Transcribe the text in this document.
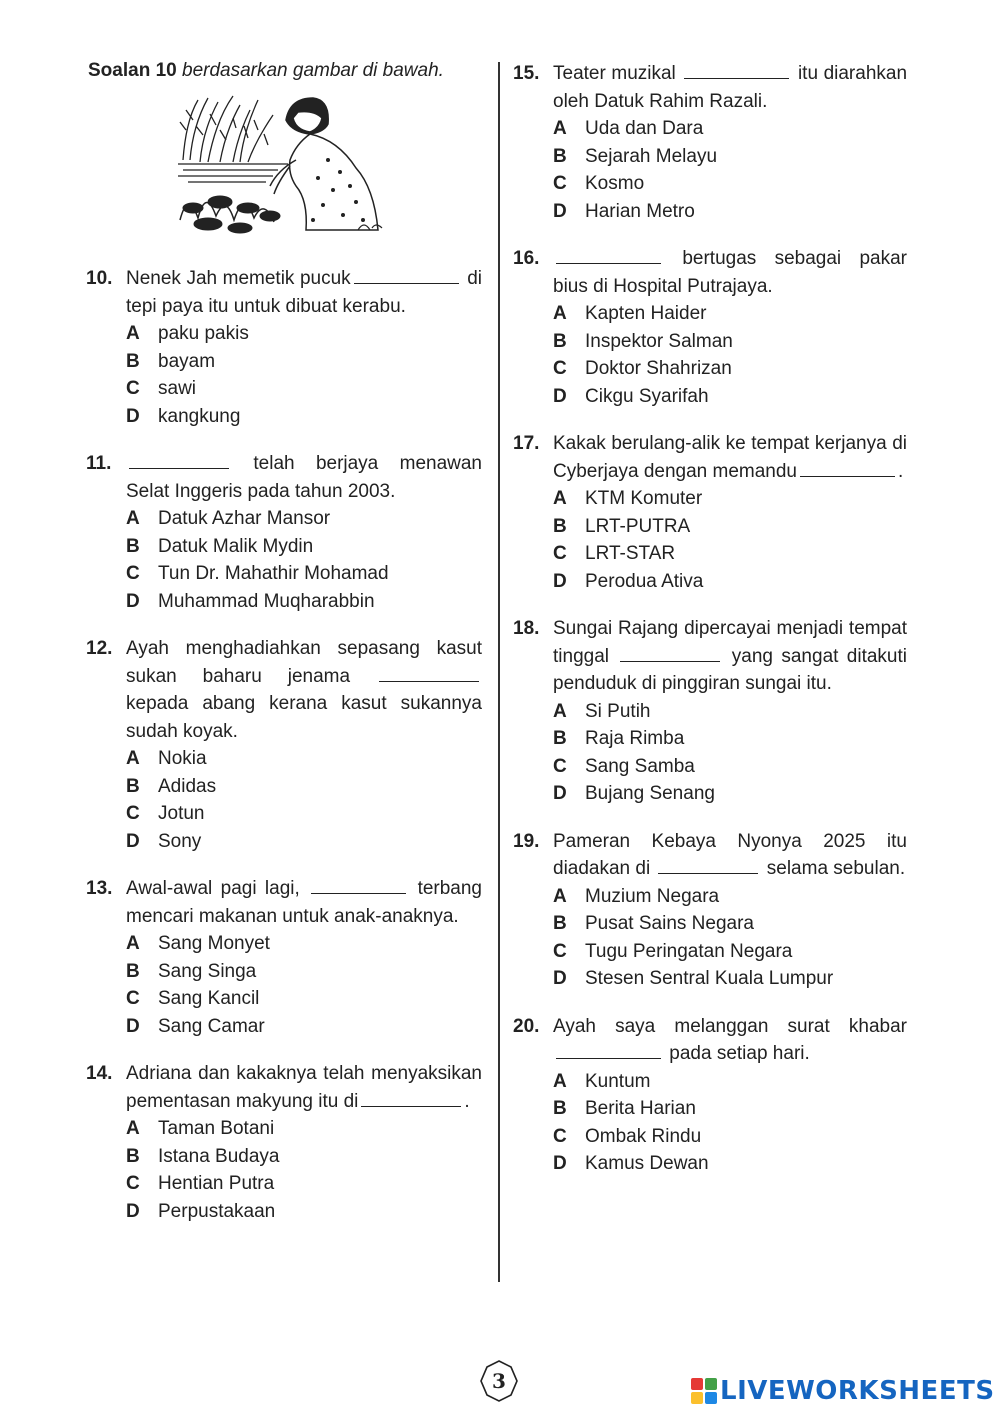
Soalan 10 berdasarkan gambar di bawah.
10. Nenek Jah memetik pucuk	di tepi paya itu untuk dibuat kerabu.
A paku pakis
B bayam
C sawi
D kangkung
11.	telah berjaya menawan Selat Inggeris pada tahun 2003.
A Datuk Azhar Mansor
B Datuk Malik Mydin
C Tun Dr. Mahathir Mohamad
D Muhammad Muqharabbin
12. Ayah menghadiahkan sepasang kasut sukan baharu jenama  kepada abang kerana kasut sukannya sudah koyak.
A Nokia
B Adidas
C Jotun
D Sony
13. Awal-awal pagi lagi,	terbang mencari makanan untuk anak-anaknya.
A Sang Monyet
B Sang Singa
C Sang Kancil
D Sang Camar
14. Adriana dan kakaknya telah menyaksikan pementasan makyung itu di	.
A Taman Botani
B Istana Budaya
C Hentian Putra
D Perpustakaan
15. Teater muzikal	itu diarahkan oleh Datuk Rahim Razali.
A Uda dan Dara
B Sejarah Melayu
C Kosmo
D Harian Metro
16.	bertugas sebagai pakar bius di Hospital Putrajaya.
A Kapten Haider
B Inspektor Salman
C Doktor Shahrizan
D Cikgu Syarifah
17. Kakak berulang-alik ke tempat kerjanya di Cyberjaya dengan memandu	.
A KTM Komuter
B LRT-PUTRA
C LRT-STAR
D Perodua Ativa
18. Sungai Rajang dipercayai menjadi tempat tinggal	yang sangat ditakuti penduduk di pinggiran sungai itu.
A Si Putih
B Raja Rimba
C Sang Samba
D Bujang Senang
19. Pameran Kebaya Nyonya 2025 itu diadakan di	selama sebulan.
A Muzium Negara
B Pusat Sains Negara
C Tugu Peringatan Negara
D Stesen Sentral Kuala Lumpur
20. Ayah saya melanggan surat khabar  pada setiap hari.
A Kuntum
B Berita Harian
C Ombak Rindu
D Kamus Dewan
3	LIVEWORKSHEETS
